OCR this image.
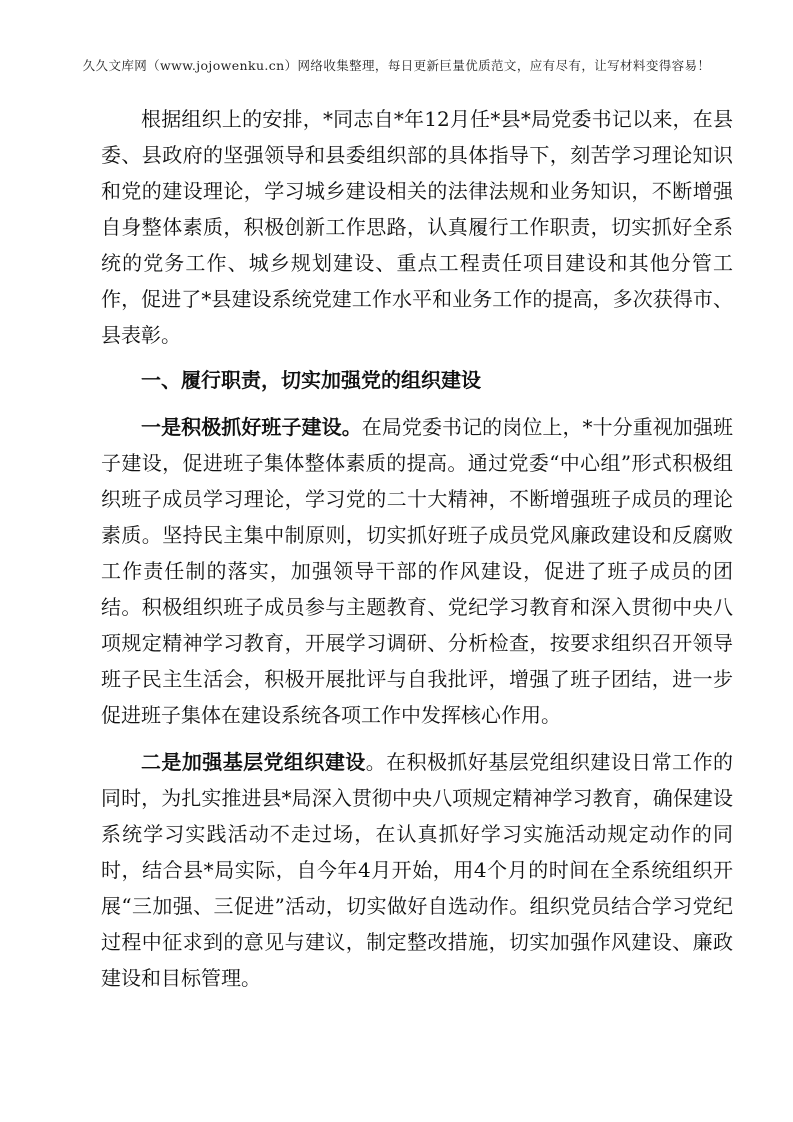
久久文库网（www.jojowenku.cn）网络收集整理，每日更新巨量优质范文，应有尽有，让写材料变得容易！

根据组织上的安排，*同志自*年12月任*县*局党委书记以来，在县委、县政府的坚强领导和县委组织部的具体指导下，刻苦学习理论知识和党的建设理论，学习城乡建设相关的法律法规和业务知识，不断增强自身整体素质，积极创新工作思路，认真履行工作职责，切实抓好全系统的党务工作、城乡规划建设、重点工程责任项目建设和其他分管工作，促进了*县建设系统党建工作水平和业务工作的提高，多次获得市、县表彰。

一、履行职责，切实加强党的组织建设

一是积极抓好班子建设。在局党委书记的岗位上，*十分重视加强班子建设，促进班子集体整体素质的提高。通过党委“中心组”形式积极组织班子成员学习理论，学习党的二十大精神，不断增强班子成员的理论素质。坚持民主集中制原则，切实抓好班子成员党风廉政建设和反腐败工作责任制的落实，加强领导干部的作风建设，促进了班子成员的团结。积极组织班子成员参与主题教育、党纪学习教育和深入贯彻中央八项规定精神学习教育，开展学习调研、分析检查，按要求组织召开领导班子民主生活会，积极开展批评与自我批评，增强了班子团结，进一步促进班子集体在建设系统各项工作中发挥核心作用。

二是加强基层党组织建设。在积极抓好基层党组织建设日常工作的同时，为扎实推进县*局深入贯彻中央八项规定精神学习教育，确保建设系统学习实践活动不走过场，在认真抓好学习实施活动规定动作的同时，结合县*局实际，自今年4月开始，用4个月的时间在全系统组织开展“三加强、三促进”活动，切实做好自选动作。组织党员结合学习党纪过程中征求到的意见与建议，制定整改措施，切实加强作风建设、廉政建设和目标管理。
